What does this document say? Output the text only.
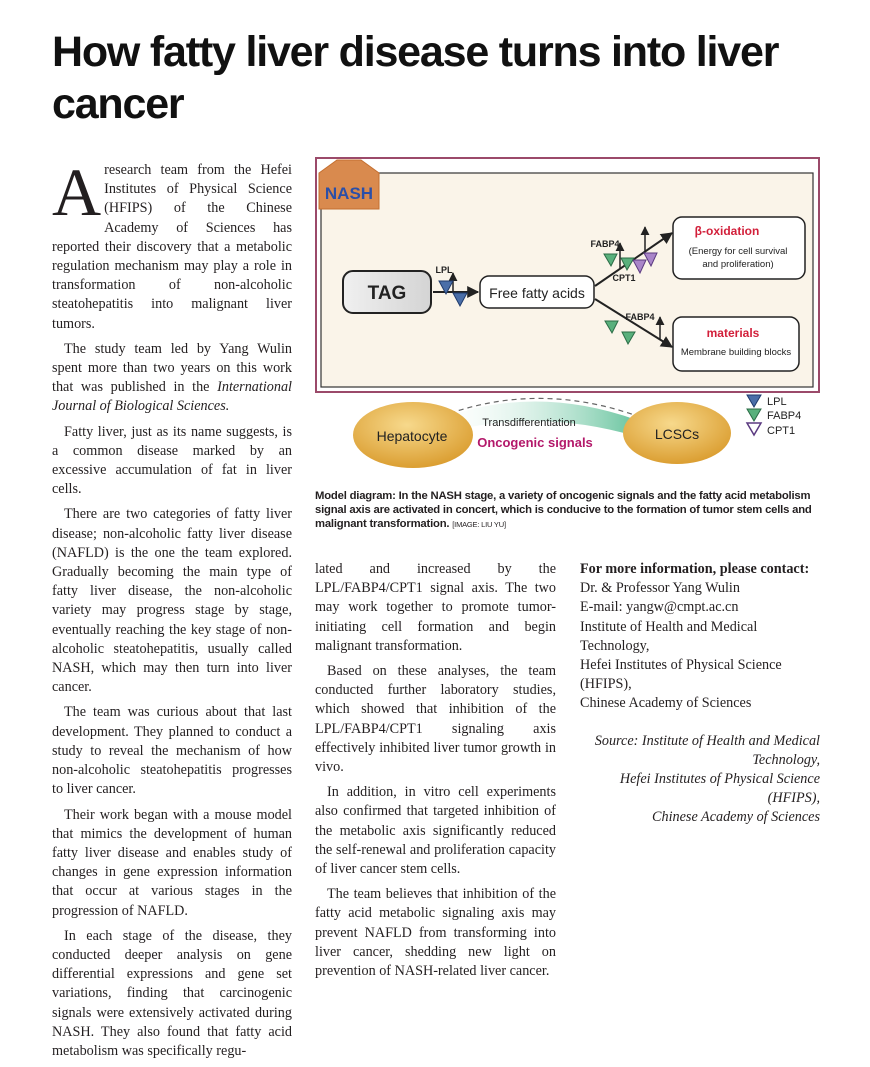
How fatty liver disease turns into liver cancer

Aresearch team from the Hefei Institutes of Physical Science (HFIPS) of the Chinese Academy of Sciences has reported their discovery that a metabolic regulation mechanism may play a role in transformation of non-alcoholic steatohepatitis into malignant liver tumors.

The study team led by Yang Wulin spent more than two years on this work that was published in the International Journal of Biological Sciences.

Fatty liver, just as its name suggests, is a common disease marked by an excessive accumulation of fat in liver cells.

There are two categories of fatty liver disease; non-alcoholic fatty liver disease (NAFLD) is the one the team explored. Gradually becoming the main type of fatty liver disease, the non-alcoholic variety may progress stage by stage, eventually reaching the key stage of non-alcoholic steatohepatitis, usually called NASH, which may then turn into liver cancer.

The team was curious about that last development. They planned to conduct a study to reveal the mechanism of how non-alcoholic steatohepatitis progresses to liver cancer.

Their work began with a mouse model that mimics the development of human fatty liver disease and enables study of changes in gene expression information that occur at various stages in the progression of NAFLD.

In each stage of the disease, they conducted deeper analysis on gene differential expressions and gene set variations, finding that carcinogenic signals were extensively activated during NASH. They also found that fatty acid metabolism was specifically regu-

NASH
TAG
LPL
Free fatty acids
FABP4
CPT1
β-oxidation
(Energy for cell survival
and proliferation)
FABP4
materials
Membrane building blocks
Hepatocyte	LCSCs
Transdifferentiation
Oncogenic signals
LPL
FABP4
CPT1
Model diagram: In the NASH stage, a variety of oncogenic signals and the fatty acid metabolism signal axis are activated in concert, which is conducive to the formation of tumor stem cells and malignant transformation. [IMAGE: LIU YU]

lated and increased by the LPL/FABP4/CPT1 signal axis. The two may work together to promote tumor-initiating cell formation and begin malignant transformation.

Based on these analyses, the team conducted further laboratory studies, which showed that inhibition of the LPL/FABP4/CPT1 signaling axis effectively inhibited liver tumor growth in vivo.

In addition, in vitro cell experiments also confirmed that targeted inhibition of the metabolic axis significantly reduced the self-renewal and proliferation capacity of liver cancer stem cells.

The team believes that inhibition of the fatty acid metabolic signaling axis may prevent NAFLD from transforming into liver cancer, shedding new light on prevention of NASH-related liver cancer.

For more information, please contact:
Dr. & Professor Yang Wulin
E-mail: yangw@cmpt.ac.cn
Institute of Health and Medical Technology,
Hefei Institutes of Physical Science (HFIPS),
Chinese Academy of Sciences
Source: Institute of Health and Medical Technology,
Hefei Institutes of Physical Science (HFIPS),
Chinese Academy of Sciences
